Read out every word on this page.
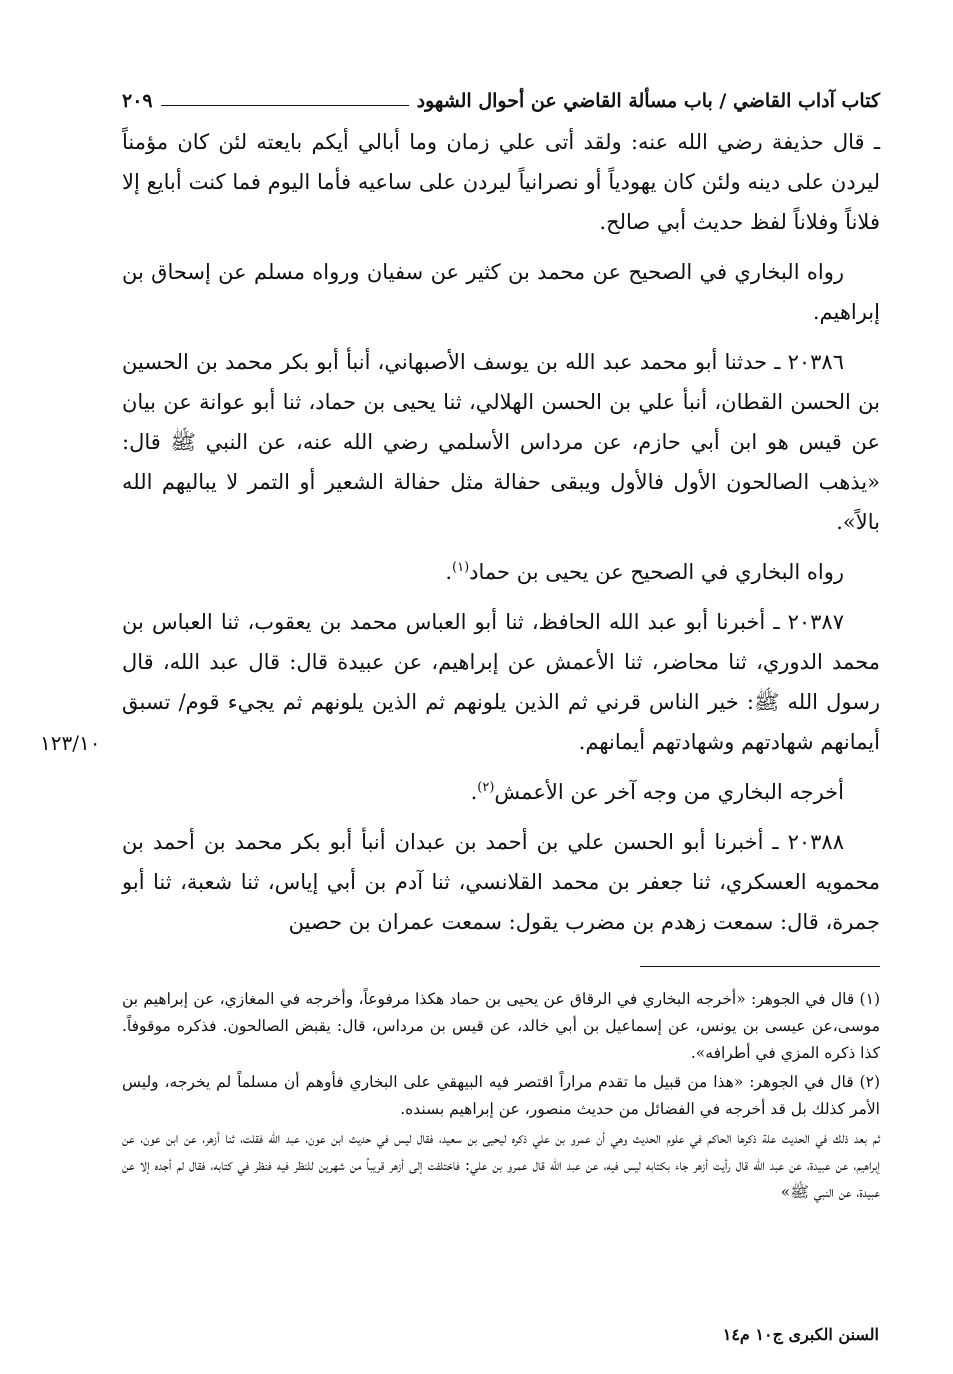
كتاب آداب القاضي / باب مسألة القاضي عن أحوال الشهود
٢٠٩

ـ قال حذيفة رضي الله عنه: ولقد أتى علي زمان وما أبالي أيكم بايعته لئن كان مؤمناً ليردن على دينه ولئن كان يهودياً أو نصرانياً ليردن على ساعيه فأما اليوم فما كنت أبايع إلا فلاناً وفلاناً لفظ حديث أبي صالح.

رواه البخاري في الصحيح عن محمد بن كثير عن سفيان ورواه مسلم عن إسحاق بن إبراهيم.

٢٠٣٨٦ ـ حدثنا أبو محمد عبد الله بن يوسف الأصبهاني، أنبأ أبو بكر محمد بن الحسين بن الحسن القطان، أنبأ علي بن الحسن الهلالي، ثنا يحيى بن حماد، ثنا أبو عوانة عن بيان عن قيس هو ابن أبي حازم، عن مرداس الأسلمي رضي الله عنه، عن النبي ﷺ قال: «يذهب الصالحون الأول فالأول ويبقى حفالة مثل حفالة الشعير أو التمر لا يباليهم الله بالاً».

رواه البخاري في الصحيح عن يحيى بن حماد$^{(١)}$.

٢٠٣٨٧ ـ أخبرنا أبو عبد الله الحافظ، ثنا أبو العباس محمد بن يعقوب، ثنا العباس بن محمد الدوري، ثنا محاضر، ثنا الأعمش عن إبراهيم، عن عبيدة قال: قال عبد الله، قال رسول الله ﷺ: خير الناس قرني ثم الذين يلونهم ثم الذين يلونهم ثم يجيء قوم/ تسبق أيمانهم شهادتهم وشهادتهم أيمانهم.

أخرجه البخاري من وجه آخر عن الأعمش$^{(٢)}$.

٢٠٣٨٨ ـ أخبرنا أبو الحسن علي بن أحمد بن عبدان أنبأ أبو بكر محمد بن أحمد بن محمويه العسكري، ثنا جعفر بن محمد القلانسي، ثنا آدم بن أبي إياس، ثنا شعبة، ثنا أبو جمرة، قال: سمعت زهدم بن مضرب يقول: سمعت عمران بن حصين

١٢٣/١٠

(١) قال في الجوهر: «أخرجه البخاري في الرقاق عن يحيى بن حماد هكذا مرفوعاً، وأخرجه في المغازي، عن إبراهيم بن موسى،عن عيسى بن يونس، عن إسماعيل بن أبي خالد، عن قيس بن مرداس، قال: يقبض الصالحون. فذكره موقوفاً. كذا ذكره المزي في أطرافه».

(٢) قال في الجوهر: «هذا من قبيل ما تقدم مراراً اقتصر فيه البيهقي على البخاري فأوهم أن مسلماً لم يخرجه، وليس الأمر كذلك بل قد أخرجه في الفضائل من حديث منصور، عن إبراهيم بسنده.

ثم بعد ذلك في الحديث علة ذكرها الحاكم في علوم الحديث وهي أن عمرو بن علي ذكره ليحيى بن سعيد، فقال ليس في حديث ابن عون، عبد الله فقلت، ثنا أزهر، عن ابن عون، عن إبراهيم، عن عبيدة، عن عبد الله قال رأيت أزهر جاء بكتابه ليس فيه، عن عبد الله قال عمرو بن علي: فاختلفت إلى أزهر قريباً من شهرين للنظر فيه فنظر في كتابه، فقال لم أجده إلا عن عبيدة، عن النبي ﷺ»

السنن الكبرى ج١٠ م١٤
